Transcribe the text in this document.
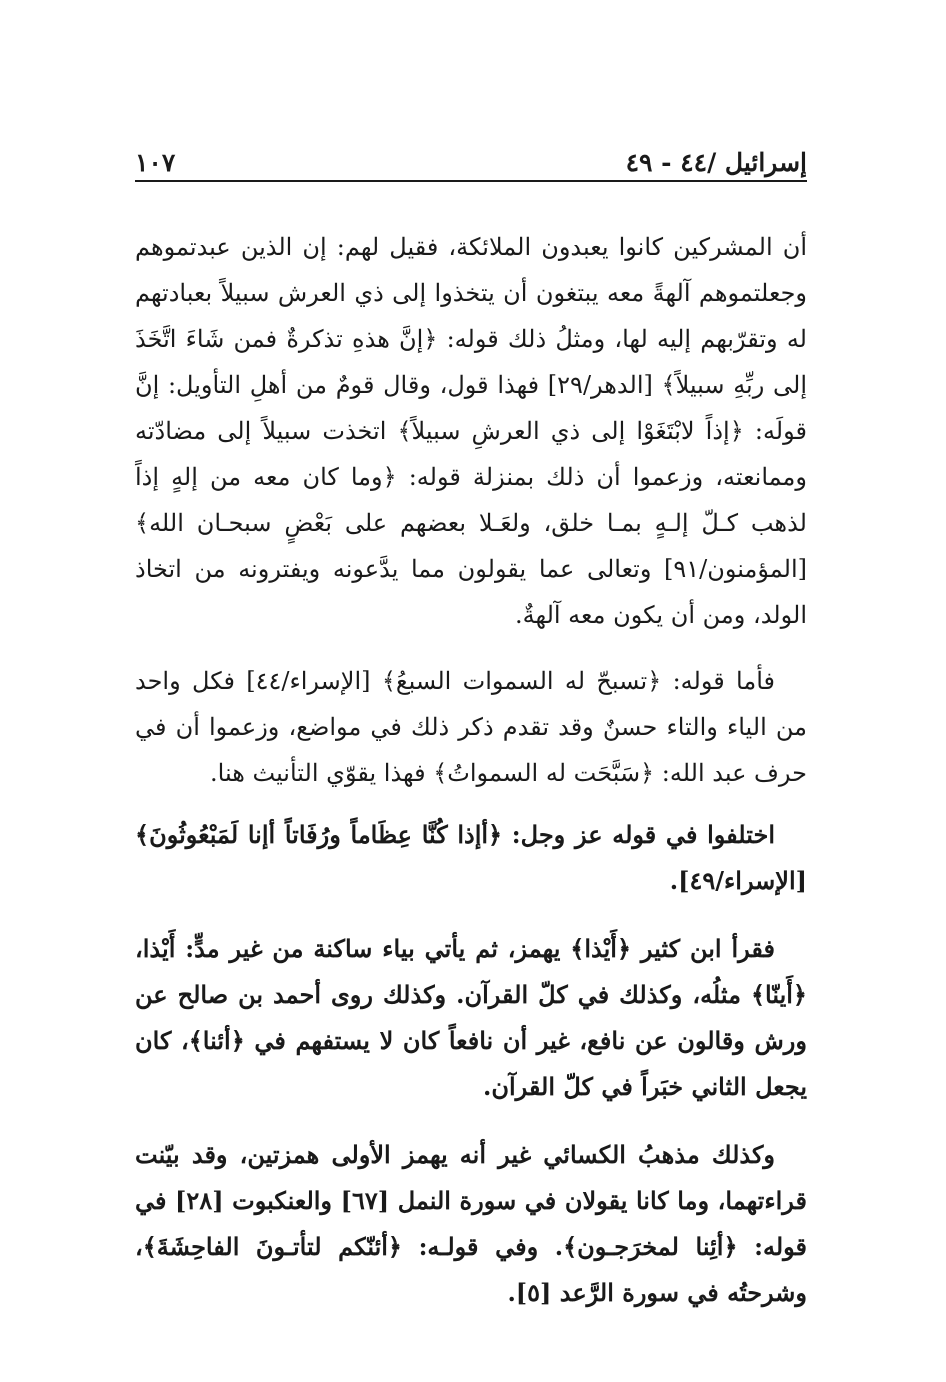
إسرائيل /٤٤ - ٤٩
١٠٧

أن المشركين كانوا يعبدون الملائكة، فقيل لهم: إن الذين عبدتموهم وجعلتموهم آلهةً معه يبتغون أن يتخذوا إلى ذي العرش سبيلاً بعبادتهم له وتقرّبهم إليه لها، ومثلُ ذلك قوله: ﴿إنَّ هذهِ تذكرةٌ فمن شَاءَ اتَّخَذَ إلى ربِّهِ سبيلاً﴾ [الدهر/٢٩] فهذا قول، وقال قومٌ من أهلِ التأويل: إنَّ قولَه: ﴿إذاً لابْتَغَوْا إلى ذي العرشِ سبيلاً﴾ اتخذت سبيلاً إلى مضادّته وممانعته، وزعموا أن ذلك بمنزلة قوله: ﴿وما كان معه من إلهٍ إذاً لذهب كـلّ إلـهٍ بمـا خلق، ولعَـلا بعضهم على بَعْضٍ سبحـان الله﴾ [المؤمنون/٩١] وتعالى عما يقولون مما يدَّعونه ويفترونه من اتخاذ الولد، ومن أن يكون معه آلهةٌ.

فأما قوله: ﴿تسبحّ له السموات السبعُ﴾ [الإسراء/٤٤] فكل واحد من الياء والتاء حسنٌ وقد تقدم ذكر ذلك في مواضع، وزعموا أن في حرف عبد الله: ﴿سَبَّحَت له السمواتُ﴾ فهذا يقوّي التأنيث هنا.

اختلفوا في قوله عز وجل: ﴿أإذا كُنَّا عِظَاماً ورُفَاتاً أإنا لَمَبْعُوثُونَ﴾ [الإسراء/٤٩].

فقرأ ابن كثير ﴿أَيْذا﴾ يهمز، ثم يأتي بياء ساكنة من غير مدٍّ: أَيْذا، ﴿أَينّا﴾ مثلُه، وكذلك في كلّ القرآن. وكذلك روى أحمد بن صالح عن ورش وقالون عن نافع، غير أن نافعاً كان لا يستفهم في ﴿أئنا﴾، كان يجعل الثاني خبَراً في كلّ القرآن.

وكذلك مذهبُ الكسائي غير أنه يهمز الأولى همزتين، وقد بيّنت قراءتهما، وما كانا يقولان في سورة النمل [٦٧] والعنكبوت [٢٨] في قوله: ﴿أئِنا لمخرَجـون﴾. وفي قولـه: ﴿أئنّكم لتأتـونَ الفاحِشَةَ﴾، وشرحتُه في سورة الرَّعد [٥].
